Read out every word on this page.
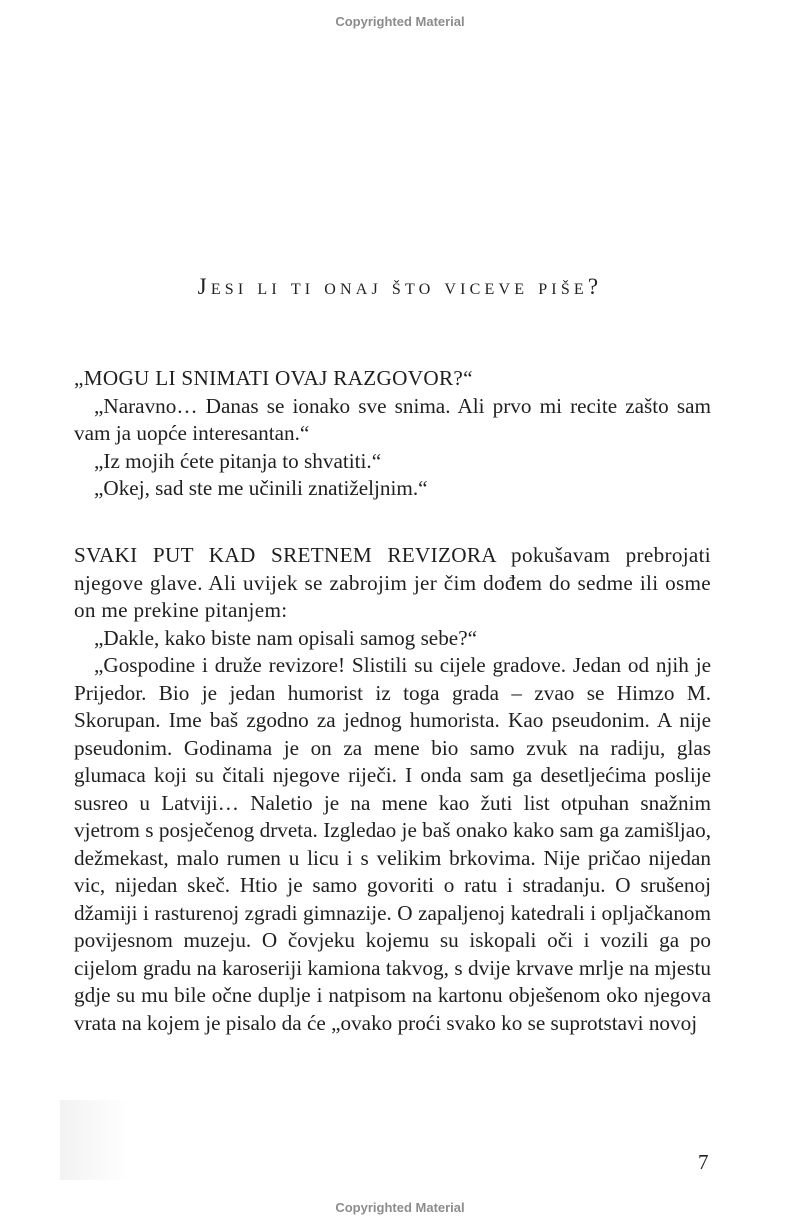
Copyrighted Material
Jesi li ti onaj što viceve piše?

„MOGU LI SNIMATI OVAJ RAZGOVOR?“

„Naravno… Danas se ionako sve snima. Ali prvo mi recite zašto sam vam ja uopće interesantan.“

„Iz mojih ćete pitanja to shvatiti.“

„Okej, sad ste me učinili znatiželjnim.“

SVAKI PUT KAD SRETNEM REVIZORA pokušavam prebrojati njegove glave. Ali uvijek se zabrojim jer čim dođem do sedme ili osme on me prekine pitanjem:

„Dakle, kako biste nam opisali samog sebe?“

„Gospodine i druže revizore! Slistili su cijele gradove. Jedan od njih je Prijedor. Bio je jedan humorist iz toga grada – zvao se Himzo M. Skorupan. Ime baš zgodno za jednog humorista. Kao pseudonim. A nije pseudonim. Godinama je on za mene bio samo zvuk na radiju, glas glumaca koji su čitali njegove riječi. I onda sam ga desetljećima poslije susreo u Latviji… Naletio je na mene kao žuti list otpuhan snažnim vjetrom s posječenog drveta. Izgledao je baš onako kako sam ga zamišljao, dežmekast, malo rumen u licu i s velikim brkovima. Nije pričao nijedan vic, nijedan skeč. Htio je samo govoriti o ratu i stradanju. O srušenoj džamiji i rasturenoj zgradi gimnazije. O zapaljenoj katedrali i opljačkanom povijesnom muzeju. O čovjeku kojemu su iskopali oči i vozili ga po cijelom gradu na karoseriji kamiona takvog, s dvije krvave mrlje na mjestu gdje su mu bile očne duplje i natpisom na kartonu obješenom oko njegova vrata na kojem je pisalo da će „ovako proći svako ko se suprotstavi novoj

7
Copyrighted Material
